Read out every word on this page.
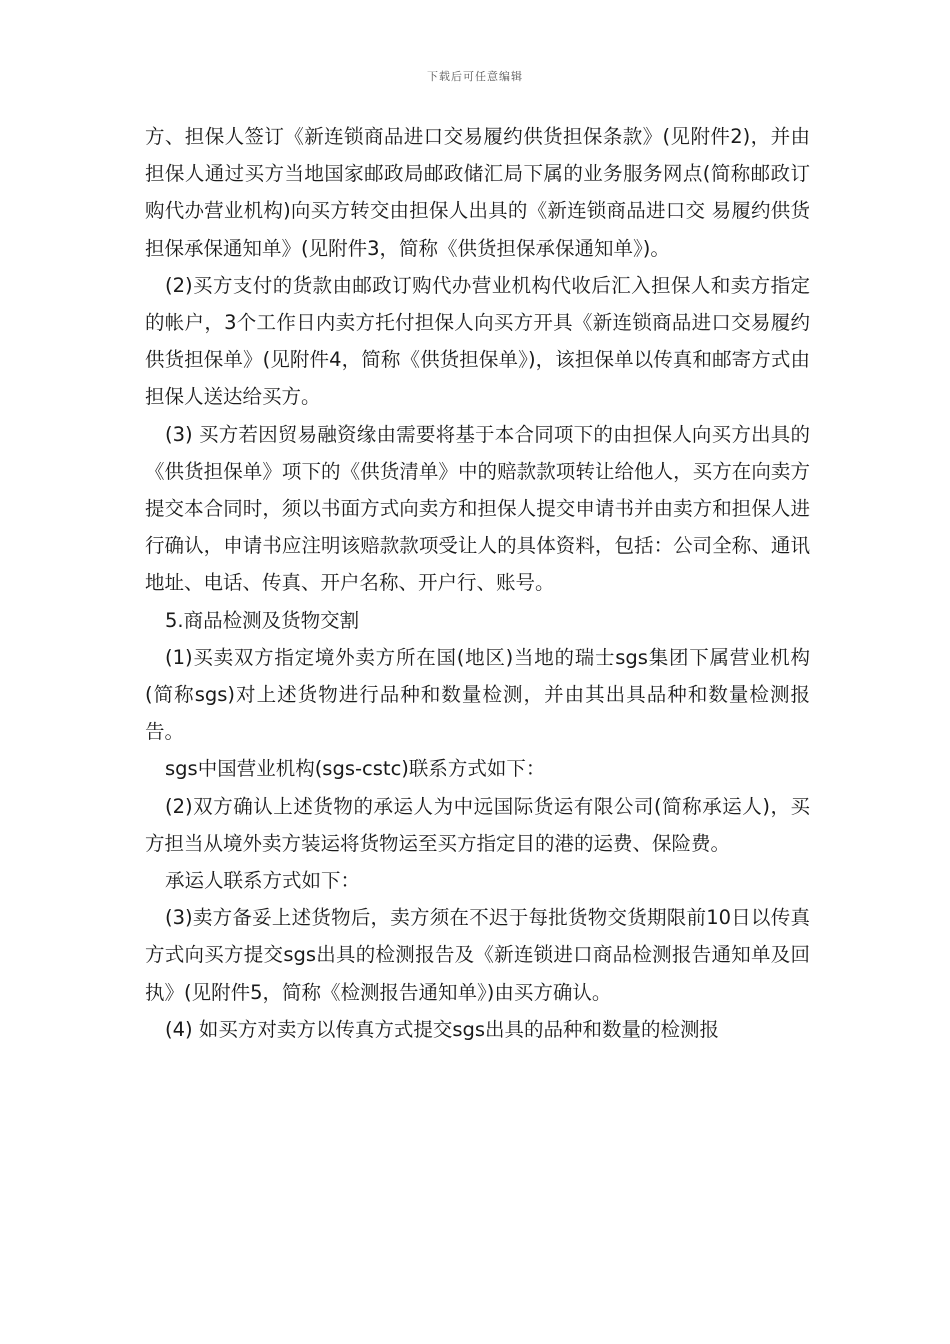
下载后可任意编辑

方、担保人签订《新连锁商品进口交易履约供货担保条款》(见附件2)，并由担保人通过买方当地国家邮政局邮政储汇局下属的业务服务网点(简称邮政订购代办营业机构)向买方转交由担保人出具的《新连锁商品进口交 易履约供货担保承保通知单》(见附件3，简称《供货担保承保通知单》)。

(2)买方支付的货款由邮政订购代办营业机构代收后汇入担保人和卖方指定的帐户，3个工作日内卖方托付担保人向买方开具《新连锁商品进口交易履约供货担保单》(见附件4，简称《供货担保单》)，该担保单以传真和邮寄方式由担保人送达给买方。

(3) 买方若因贸易融资缘由需要将基于本合同项下的由担保人向买方出具的《供货担保单》项下的《供货清单》中的赔款款项转让给他人，买方在向卖方提交本合同时，须以书面方式向卖方和担保人提交申请书并由卖方和担保人进行确认，申请书应注明该赔款款项受让人的具体资料，包括：公司全称、通讯地址、电话、传真、开户名称、开户行、账号。

5.商品检测及货物交割

(1)买卖双方指定境外卖方所在国(地区)当地的瑞士sgs集团下属营业机构(简称sgs)对上述货物进行品种和数量检测，并由其出具品种和数量检测报告。

sgs中国营业机构(sgs-cstc)联系方式如下：

(2)双方确认上述货物的承运人为中远国际货运有限公司(简称承运人)，买方担当从境外卖方装运将货物运至买方指定目的港的运费、保险费。

承运人联系方式如下：

(3)卖方备妥上述货物后，卖方须在不迟于每批货物交货期限前10日以传真方式向买方提交sgs出具的检测报告及《新连锁进口商品检测报告通知单及回执》(见附件5，简称《检测报告通知单》)由买方确认。

(4) 如买方对卖方以传真方式提交sgs出具的品种和数量的检测报
